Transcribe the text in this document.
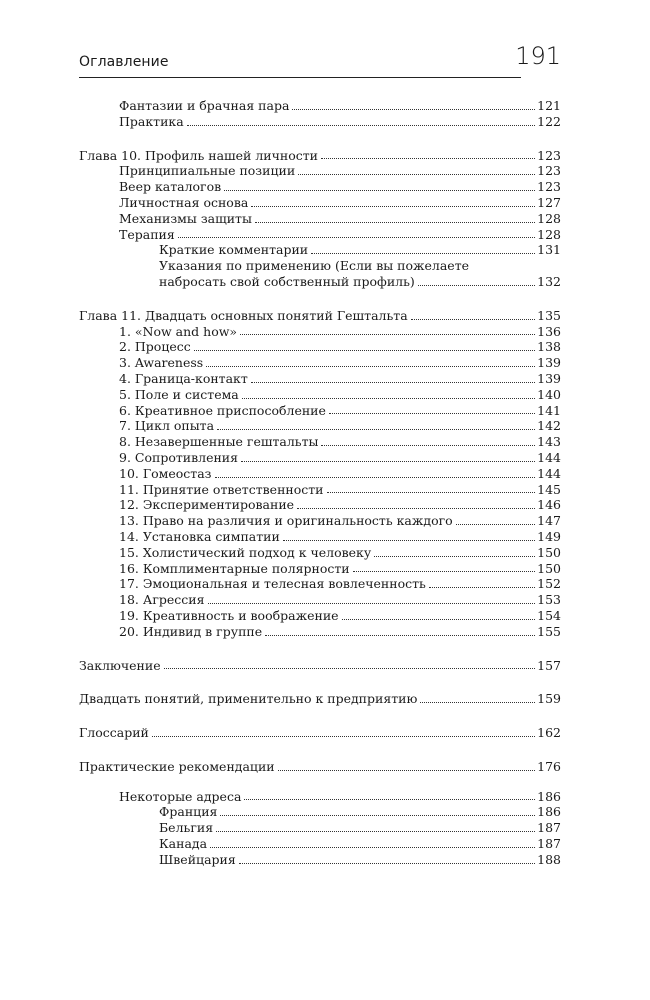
Оглавление	191
Фантазии и брачная пара	121
Практика	122
Глава 10. Профиль нашей личности	123
Принципиальные позиции	123
Веер каталогов	123
Личностная основа	127
Механизмы защиты	128
Терапия	128
Краткие комментарии	131
Указания по применению (Если вы пожелаете
набросать свой собственный профиль)	132
Глава 11. Двадцать основных понятий Гештальта	135
1. «Now and how»	136
2. Процесс	138
3. Awareness	139
4. Граница-контакт	139
5. Поле и система	140
6. Креативное приспособление	141
7. Цикл опыта	142
8. Незавершенные гештальты	143
9. Сопротивления	144
10. Гомеостаз	144
11. Принятие ответственности	145
12. Экспериментирование	146
13. Право на различия и оригинальность каждого	147
14. Установка симпатии	149
15. Холистический подход к человеку	150
16. Комплиментарные полярности	150
17. Эмоциональная и телесная вовлеченность	152
18. Агрессия	153
19. Креативность и воображение	154
20. Индивид в группе	155
Заключение	157
Двадцать понятий, применительно к предприятию	159
Глоссарий	162
Практические рекомендации	176
Некоторые адреса	186
Франция	186
Бельгия	187
Канада	187
Швейцария	188
